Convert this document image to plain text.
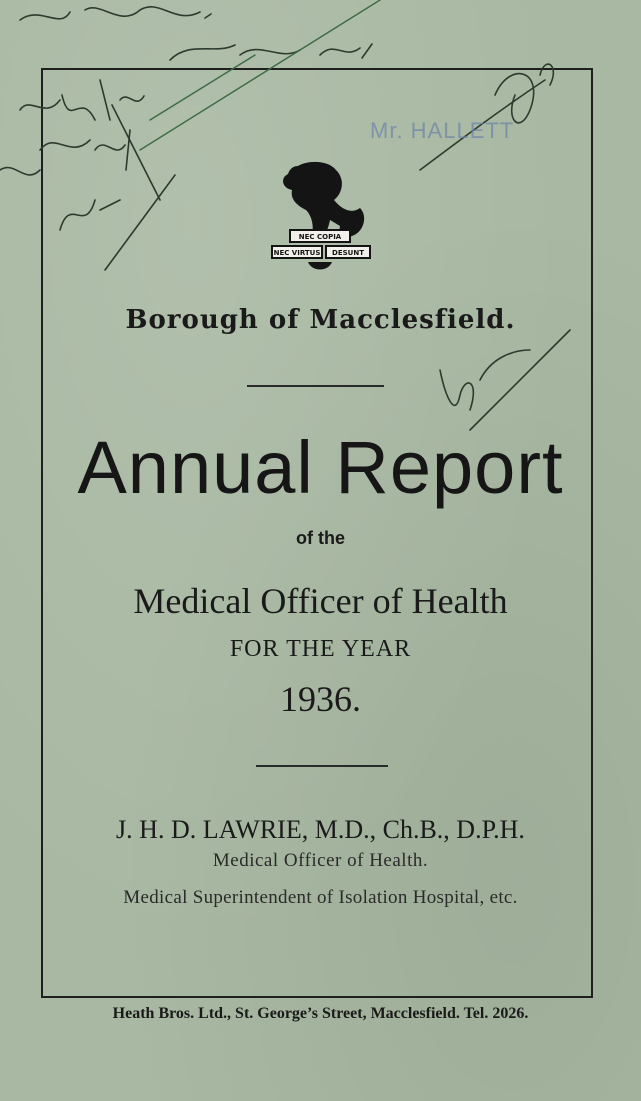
Mr. HALLETT
NEC COPIA
NEC VIRTUS DESUNT
Borough of Macclesfield.
Annual Report
of the
Medical Officer of Health
FOR THE YEAR
1936.
J. H. D. LAWRIE, M.D., Ch.B., D.P.H.
Medical Officer of Health.
Medical Superintendent of Isolation Hospital, etc.
Heath Bros. Ltd., St. George’s Street, Macclesfield. Tel. 2026.
